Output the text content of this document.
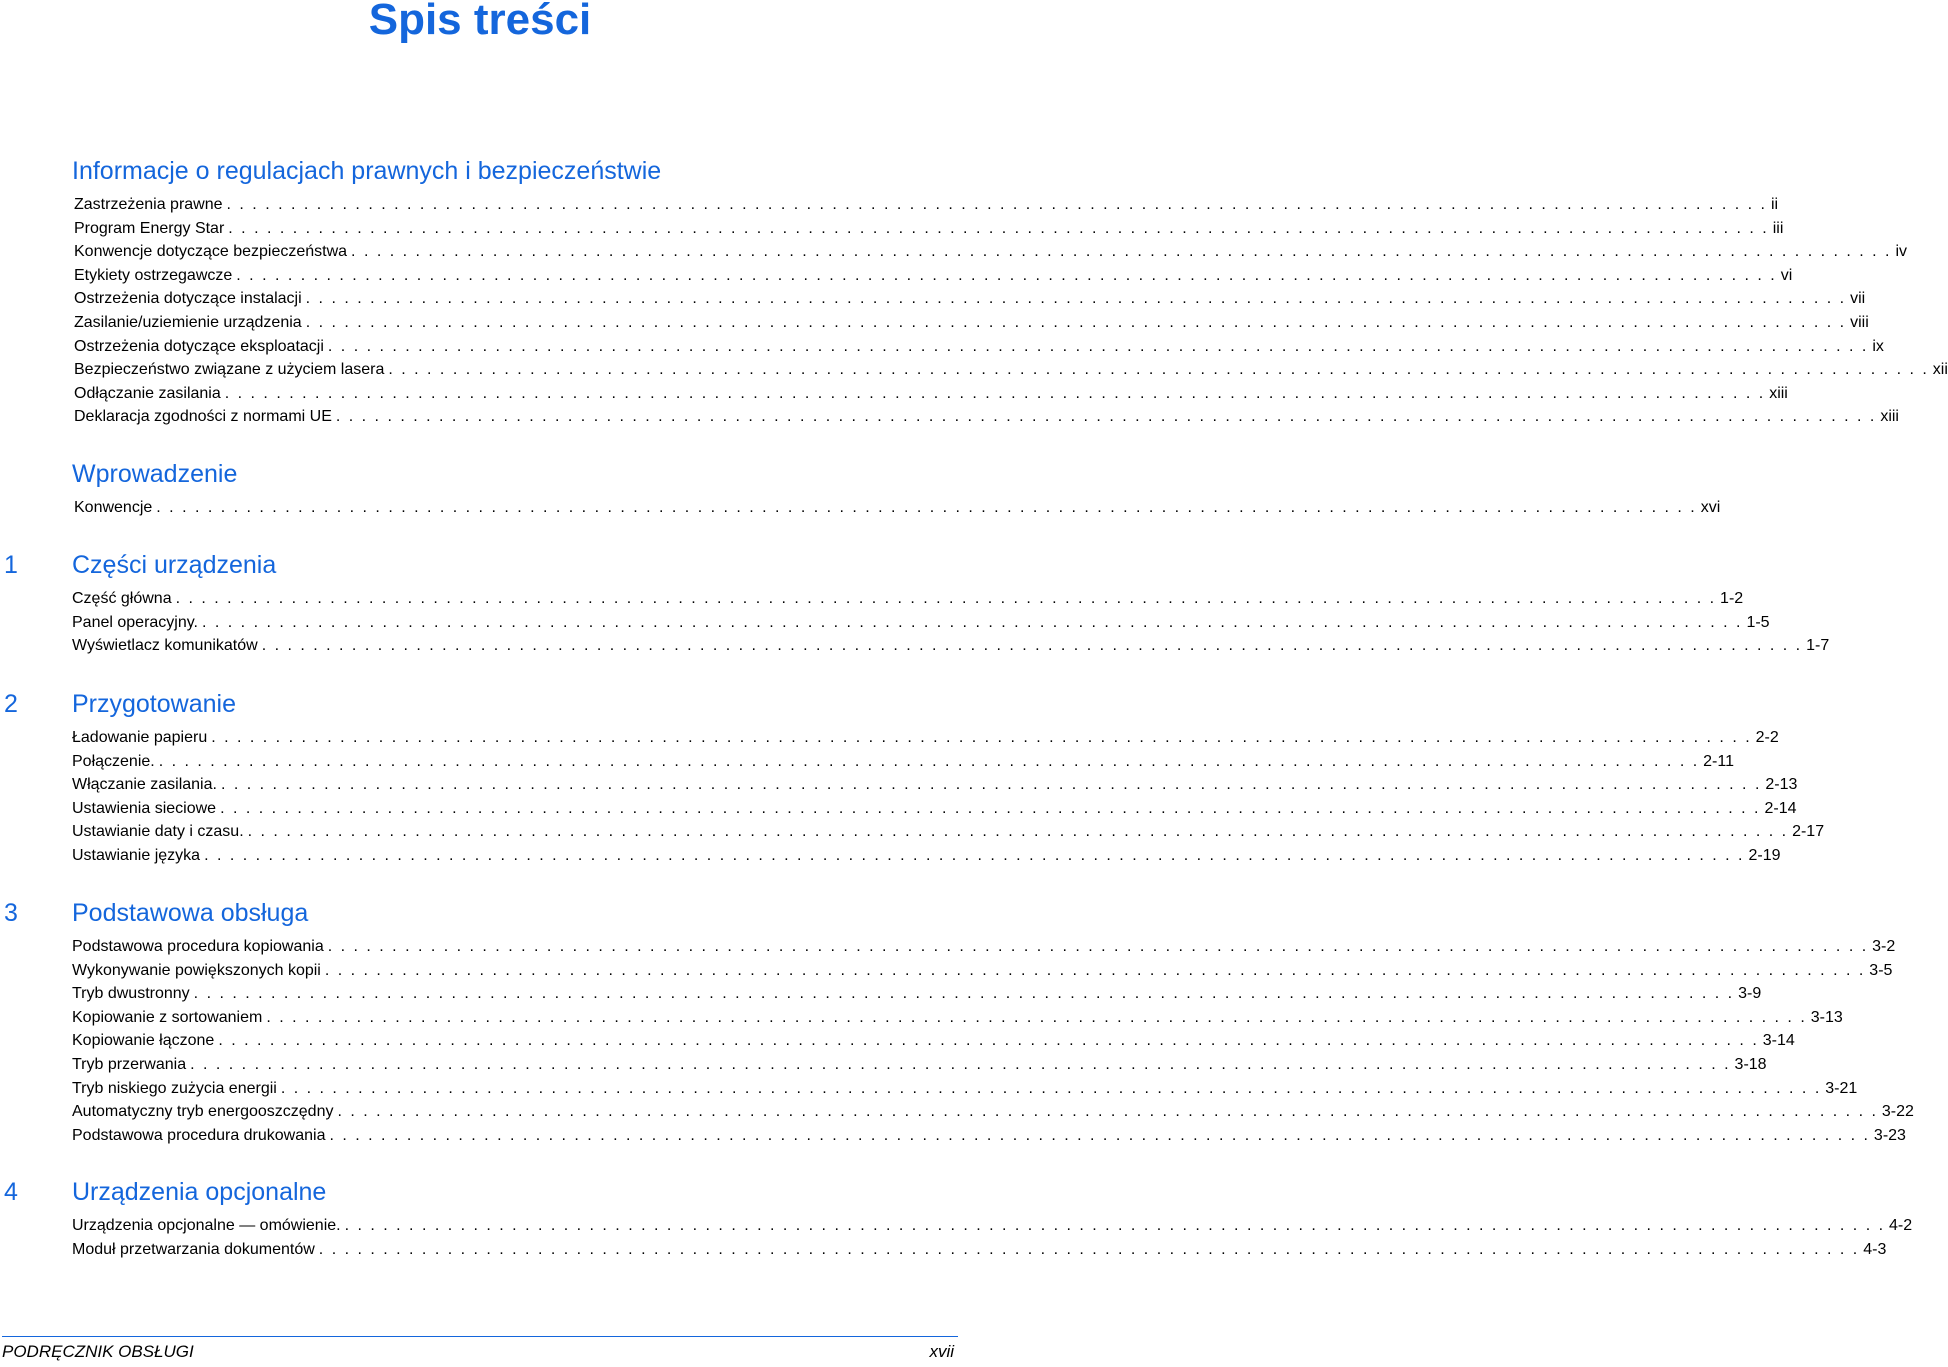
Spis treści
Informacje o regulacjach prawnych i bezpieczeństwie
Zastrzeżenia prawne . . . . . . . . . . . . . . . . . . . . . . . . . . . . . . . . . . . . . . . . . . . . . . . . . . . . . . . . . . . . . . . . . . . . . . . . . . . . . . . . . . . . . . . . . . . . . . . . . . . . . . . . . . . . . . . . . . . . . . . . ii
Program Energy Star . . . . . . . . . . . . . . . . . . . . . . . . . . . . . . . . . . . . . . . . . . . . . . . . . . . . . . . . . . . . . . . . . . . . . . . . . . . . . . . . . . . . . . . . . . . . . . . . . . . . . . . . . . . . . . . . . . . . . . . . iii
Konwencje dotyczące bezpieczeństwa . . . . . . . . . . . . . . . . . . . . . . . . . . . . . . . . . . . . . . . . . . . . . . . . . . . . . . . . . . . . . . . . . . . . . . . . . . . . . . . . . . . . . . . . . . . . . . . . . . . . . . . . . . . . . . . . . . . . . . . . iv
Etykiety ostrzegawcze . . . . . . . . . . . . . . . . . . . . . . . . . . . . . . . . . . . . . . . . . . . . . . . . . . . . . . . . . . . . . . . . . . . . . . . . . . . . . . . . . . . . . . . . . . . . . . . . . . . . . . . . . . . . . . . . . . . . . . . . vi
Ostrzeżenia dotyczące instalacji . . . . . . . . . . . . . . . . . . . . . . . . . . . . . . . . . . . . . . . . . . . . . . . . . . . . . . . . . . . . . . . . . . . . . . . . . . . . . . . . . . . . . . . . . . . . . . . . . . . . . . . . . . . . . . . . . . . . . . . . vii
Zasilanie/uziemienie urządzenia . . . . . . . . . . . . . . . . . . . . . . . . . . . . . . . . . . . . . . . . . . . . . . . . . . . . . . . . . . . . . . . . . . . . . . . . . . . . . . . . . . . . . . . . . . . . . . . . . . . . . . . . . . . . . . . . . . . . . . . . viii
Ostrzeżenia dotyczące eksploatacji . . . . . . . . . . . . . . . . . . . . . . . . . . . . . . . . . . . . . . . . . . . . . . . . . . . . . . . . . . . . . . . . . . . . . . . . . . . . . . . . . . . . . . . . . . . . . . . . . . . . . . . . . . . . . . . . . . . . . . . . ix
Bezpieczeństwo związane z użyciem lasera . . . . . . . . . . . . . . . . . . . . . . . . . . . . . . . . . . . . . . . . . . . . . . . . . . . . . . . . . . . . . . . . . . . . . . . . . . . . . . . . . . . . . . . . . . . . . . . . . . . . . . . . . . . . . . . . . . . . . . . . xii
Odłączanie zasilania . . . . . . . . . . . . . . . . . . . . . . . . . . . . . . . . . . . . . . . . . . . . . . . . . . . . . . . . . . . . . . . . . . . . . . . . . . . . . . . . . . . . . . . . . . . . . . . . . . . . . . . . . . . . . . . . . . . . . . . . xiii
Deklaracja zgodności z normami UE . . . . . . . . . . . . . . . . . . . . . . . . . . . . . . . . . . . . . . . . . . . . . . . . . . . . . . . . . . . . . . . . . . . . . . . . . . . . . . . . . . . . . . . . . . . . . . . . . . . . . . . . . . . . . . . . . . . . . . . . xiii
Wprowadzenie
Konwencje . . . . . . . . . . . . . . . . . . . . . . . . . . . . . . . . . . . . . . . . . . . . . . . . . . . . . . . . . . . . . . . . . . . . . . . . . . . . . . . . . . . . . . . . . . . . . . . . . . . . . . . . . . . . . . . . . . . . . . . . xvi
1 Części urządzenia
Część główna . . . . . . . . . . . . . . . . . . . . . . . . . . . . . . . . . . . . . . . . . . . . . . . . . . . . . . . . . . . . . . . . . . . . . . . . . . . . . . . . . . . . . . . . . . . . . . . . . . . . . . . . . . . . . . . . . . . . . . . . 1-2
Panel operacyjny. . . . . . . . . . . . . . . . . . . . . . . . . . . . . . . . . . . . . . . . . . . . . . . . . . . . . . . . . . . . . . . . . . . . . . . . . . . . . . . . . . . . . . . . . . . . . . . . . . . . . . . . . . . . . . . . . . . . . . . . . 1-5
Wyświetlacz komunikatów . . . . . . . . . . . . . . . . . . . . . . . . . . . . . . . . . . . . . . . . . . . . . . . . . . . . . . . . . . . . . . . . . . . . . . . . . . . . . . . . . . . . . . . . . . . . . . . . . . . . . . . . . . . . . . . . . . . . . . . . 1-7
2 Przygotowanie
Ładowanie papieru . . . . . . . . . . . . . . . . . . . . . . . . . . . . . . . . . . . . . . . . . . . . . . . . . . . . . . . . . . . . . . . . . . . . . . . . . . . . . . . . . . . . . . . . . . . . . . . . . . . . . . . . . . . . . . . . . . . . . . . . 2-2
Połączenie. . . . . . . . . . . . . . . . . . . . . . . . . . . . . . . . . . . . . . . . . . . . . . . . . . . . . . . . . . . . . . . . . . . . . . . . . . . . . . . . . . . . . . . . . . . . . . . . . . . . . . . . . . . . . . . . . . . . . . . . . 2-11
Włączanie zasilania. . . . . . . . . . . . . . . . . . . . . . . . . . . . . . . . . . . . . . . . . . . . . . . . . . . . . . . . . . . . . . . . . . . . . . . . . . . . . . . . . . . . . . . . . . . . . . . . . . . . . . . . . . . . . . . . . . . . . . . . . 2-13
Ustawienia sieciowe . . . . . . . . . . . . . . . . . . . . . . . . . . . . . . . . . . . . . . . . . . . . . . . . . . . . . . . . . . . . . . . . . . . . . . . . . . . . . . . . . . . . . . . . . . . . . . . . . . . . . . . . . . . . . . . . . . . . . . . . 2-14
Ustawianie daty i czasu. . . . . . . . . . . . . . . . . . . . . . . . . . . . . . . . . . . . . . . . . . . . . . . . . . . . . . . . . . . . . . . . . . . . . . . . . . . . . . . . . . . . . . . . . . . . . . . . . . . . . . . . . . . . . . . . . . . . . . . . . 2-17
Ustawianie języka . . . . . . . . . . . . . . . . . . . . . . . . . . . . . . . . . . . . . . . . . . . . . . . . . . . . . . . . . . . . . . . . . . . . . . . . . . . . . . . . . . . . . . . . . . . . . . . . . . . . . . . . . . . . . . . . . . . . . . . . 2-19
3 Podstawowa obsługa
Podstawowa procedura kopiowania . . . . . . . . . . . . . . . . . . . . . . . . . . . . . . . . . . . . . . . . . . . . . . . . . . . . . . . . . . . . . . . . . . . . . . . . . . . . . . . . . . . . . . . . . . . . . . . . . . . . . . . . . . . . . . . . . . . . . . . . 3-2
Wykonywanie powiększonych kopii . . . . . . . . . . . . . . . . . . . . . . . . . . . . . . . . . . . . . . . . . . . . . . . . . . . . . . . . . . . . . . . . . . . . . . . . . . . . . . . . . . . . . . . . . . . . . . . . . . . . . . . . . . . . . . . . . . . . . . . . 3-5
Tryb dwustronny . . . . . . . . . . . . . . . . . . . . . . . . . . . . . . . . . . . . . . . . . . . . . . . . . . . . . . . . . . . . . . . . . . . . . . . . . . . . . . . . . . . . . . . . . . . . . . . . . . . . . . . . . . . . . . . . . . . . . . . . 3-9
Kopiowanie z sortowaniem . . . . . . . . . . . . . . . . . . . . . . . . . . . . . . . . . . . . . . . . . . . . . . . . . . . . . . . . . . . . . . . . . . . . . . . . . . . . . . . . . . . . . . . . . . . . . . . . . . . . . . . . . . . . . . . . . . . . . . . . 3-13
Kopiowanie łączone . . . . . . . . . . . . . . . . . . . . . . . . . . . . . . . . . . . . . . . . . . . . . . . . . . . . . . . . . . . . . . . . . . . . . . . . . . . . . . . . . . . . . . . . . . . . . . . . . . . . . . . . . . . . . . . . . . . . . . . . 3-14
Tryb przerwania . . . . . . . . . . . . . . . . . . . . . . . . . . . . . . . . . . . . . . . . . . . . . . . . . . . . . . . . . . . . . . . . . . . . . . . . . . . . . . . . . . . . . . . . . . . . . . . . . . . . . . . . . . . . . . . . . . . . . . . . 3-18
Tryb niskiego zużycia energii . . . . . . . . . . . . . . . . . . . . . . . . . . . . . . . . . . . . . . . . . . . . . . . . . . . . . . . . . . . . . . . . . . . . . . . . . . . . . . . . . . . . . . . . . . . . . . . . . . . . . . . . . . . . . . . . . . . . . . . . 3-21
Automatyczny tryb energooszczędny . . . . . . . . . . . . . . . . . . . . . . . . . . . . . . . . . . . . . . . . . . . . . . . . . . . . . . . . . . . . . . . . . . . . . . . . . . . . . . . . . . . . . . . . . . . . . . . . . . . . . . . . . . . . . . . . . . . . . . . . 3-22
Podstawowa procedura drukowania . . . . . . . . . . . . . . . . . . . . . . . . . . . . . . . . . . . . . . . . . . . . . . . . . . . . . . . . . . . . . . . . . . . . . . . . . . . . . . . . . . . . . . . . . . . . . . . . . . . . . . . . . . . . . . . . . . . . . . . . 3-23
4 Urządzenia opcjonalne
Urządzenia opcjonalne — omówienie. . . . . . . . . . . . . . . . . . . . . . . . . . . . . . . . . . . . . . . . . . . . . . . . . . . . . . . . . . . . . . . . . . . . . . . . . . . . . . . . . . . . . . . . . . . . . . . . . . . . . . . . . . . . . . . . . . . . . . . . . 4-2
Moduł przetwarzania dokumentów . . . . . . . . . . . . . . . . . . . . . . . . . . . . . . . . . . . . . . . . . . . . . . . . . . . . . . . . . . . . . . . . . . . . . . . . . . . . . . . . . . . . . . . . . . . . . . . . . . . . . . . . . . . . . . . . . . . . . . . . 4-3
PODRĘCZNIK OBSŁUGI	xvii
